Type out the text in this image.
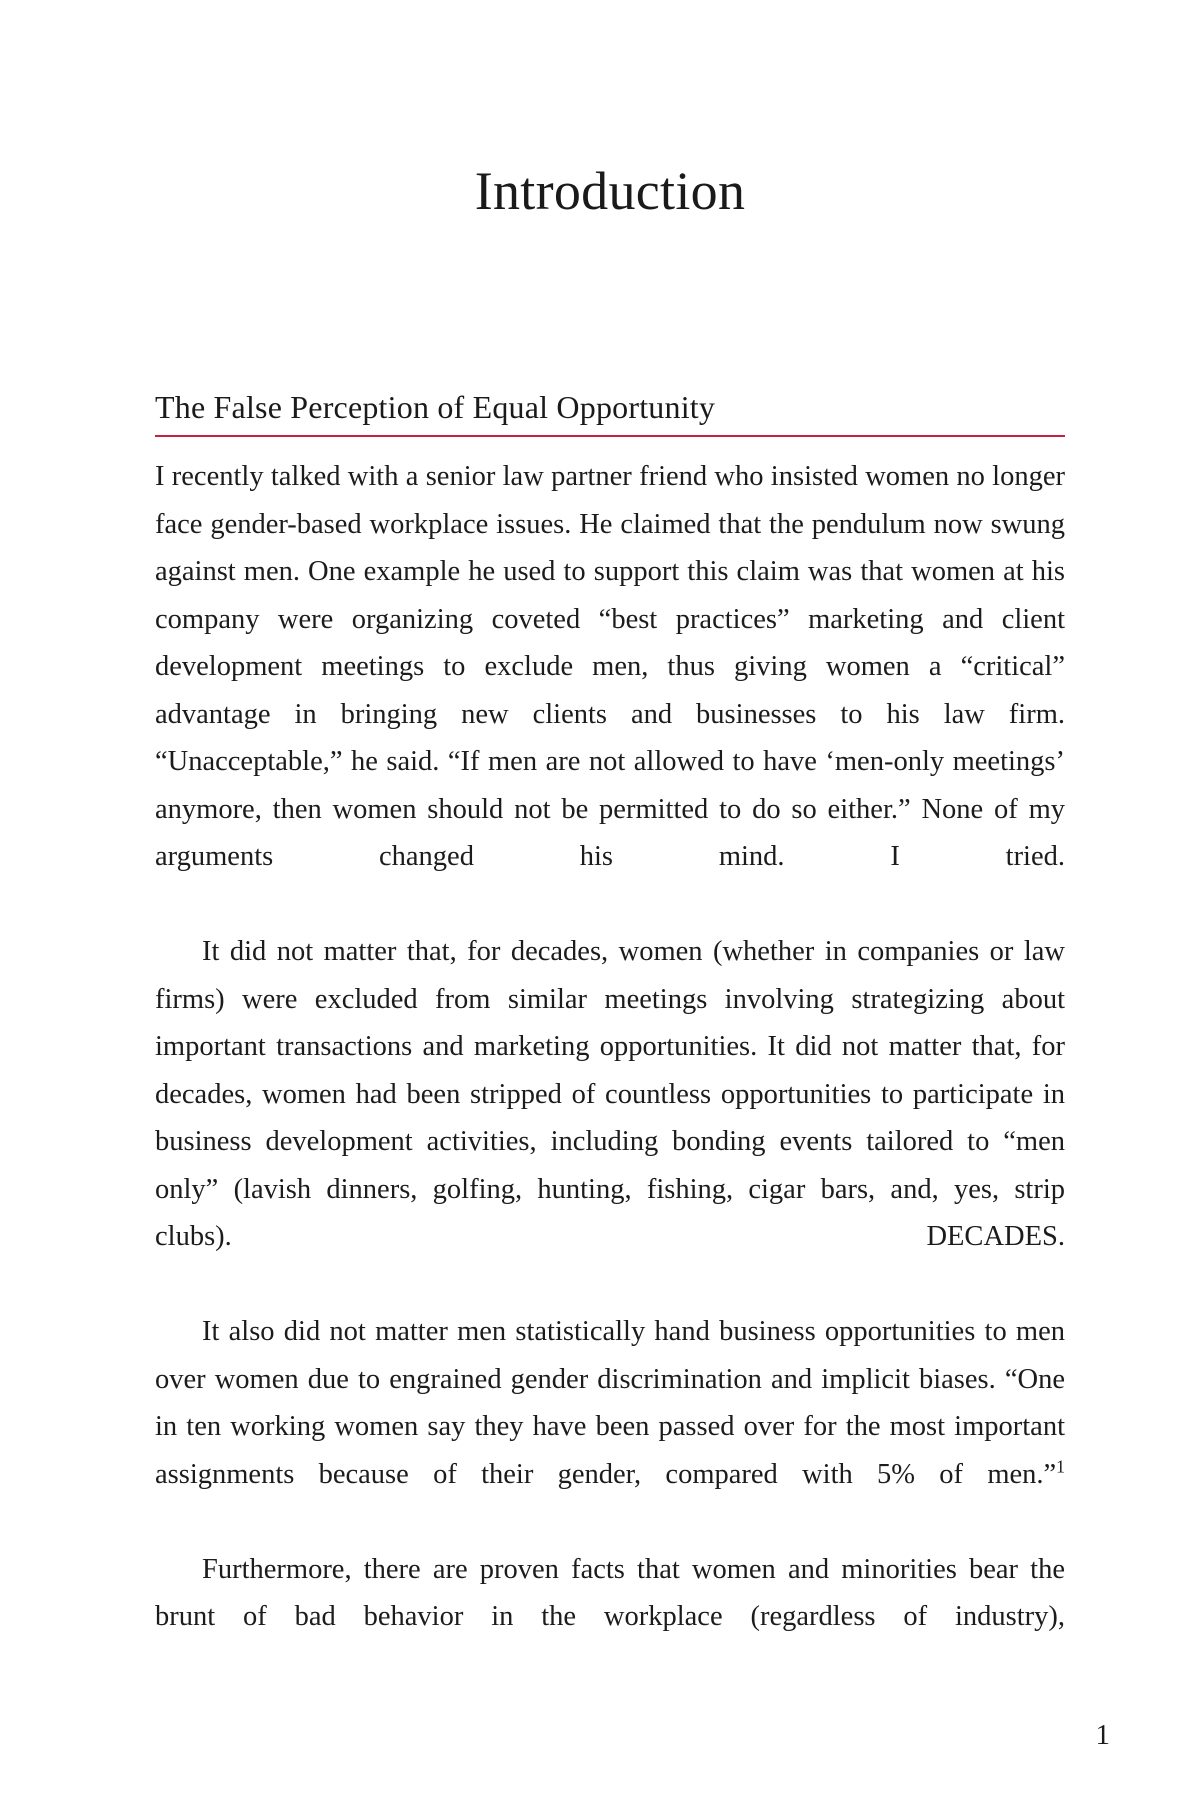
Introduction
The False Perception of Equal Opportunity

I recently talked with a senior law partner friend who insisted women no longer face gender-based workplace issues. He claimed that the pendulum now swung against men. One example he used to support this claim was that women at his company were organizing coveted “best practices” marketing and client development meetings to exclude men, thus giving women a “critical” advantage in bringing new clients and businesses to his law firm. “Unacceptable,” he said. “If men are not allowed to have ‘men-only meetings’ anymore, then women should not be permitted to do so either.” None of my arguments changed his mind. I tried.

It did not matter that, for decades, women (whether in companies or law firms) were excluded from similar meetings involving strategizing about important transactions and marketing opportunities. It did not matter that, for decades, women had been stripped of countless opportunities to participate in business development activities, including bonding events tailored to “men only” (lavish dinners, golfing, hunting, fishing, cigar bars, and, yes, strip clubs). DECADES.

It also did not matter men statistically hand business opportunities to men over women due to engrained gender discrimination and implicit biases. “One in ten working women say they have been passed over for the most important assignments because of their gender, compared with 5% of men.”$^1$

Furthermore, there are proven facts that women and minorities bear the brunt of bad behavior in the workplace (regardless of industry),

1
